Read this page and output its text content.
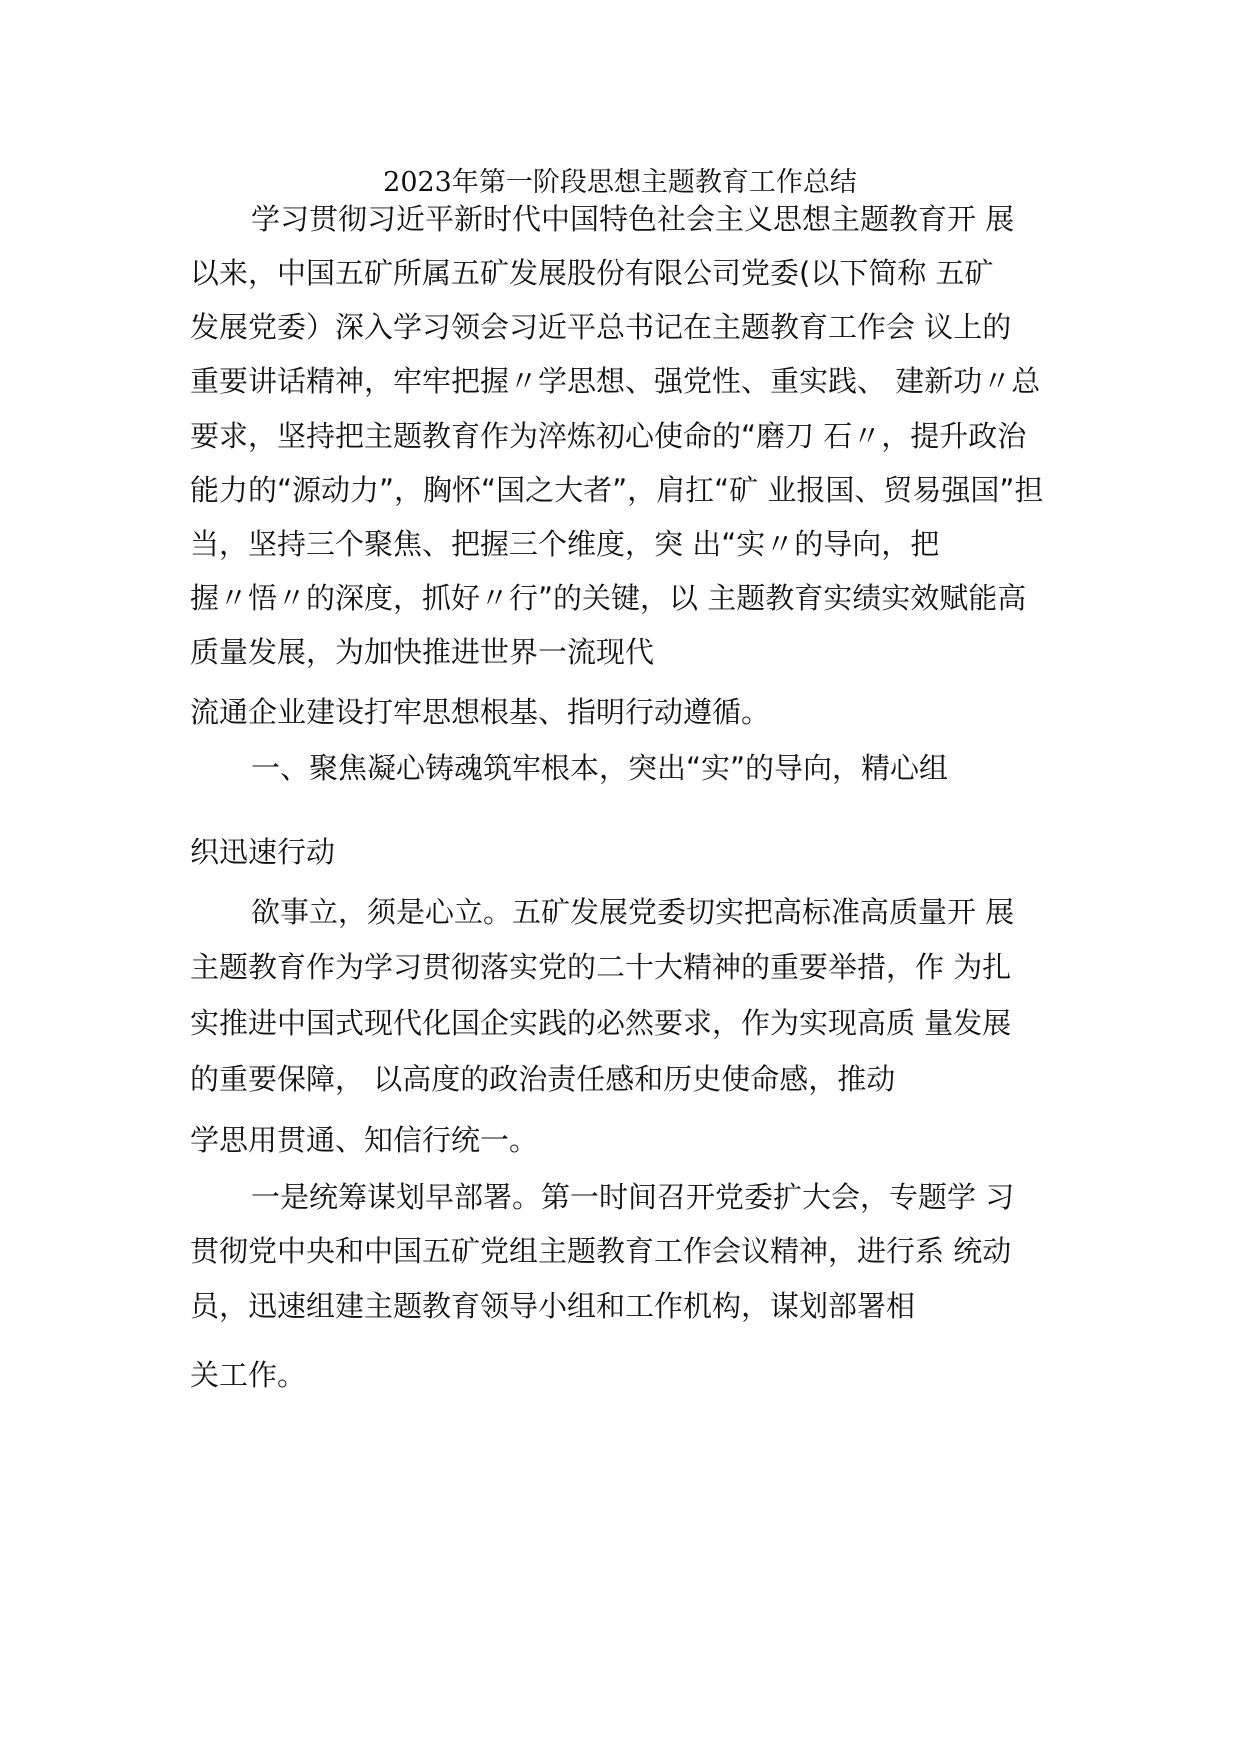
2023年第一阶段思想主题教育工作总结
学习贯彻习近平新时代中国特色社会主义思想主题教育开 展
以来，中国五矿所属五矿发展股份有限公司党委(以下简称 五矿
发展党委）深入学习领会习近平总书记在主题教育工作会 议上的
重要讲话精神，牢牢把握〃学思想、强党性、重实践、 建新功〃总
要求，坚持把主题教育作为淬炼初心使命的“磨刀 石〃，提升政治
能力的“源动力”，胸怀“国之大者”，肩扛“矿 业报国、贸易强国”担
当，坚持三个聚焦、把握三个维度，突 出“实〃的导向，把
握〃悟〃的深度，抓好〃行”的关键，以 主题教育实绩实效赋能高
质量发展，为加快推进世界一流现代
流通企业建设打牢思想根基、指明行动遵循。
一、聚焦凝心铸魂筑牢根本，突出“实”的导向，精心组
织迅速行动
欲事立，须是心立。五矿发展党委切实把高标准高质量开 展
主题教育作为学习贯彻落实党的二十大精神的重要举措，作 为扎
实推进中国式现代化国企实践的必然要求，作为实现高质 量发展
的重要保障， 以高度的政治责任感和历史使命感，推动
学思用贯通、知信行统一。
一是统筹谋划早部署。第一时间召开党委扩大会，专题学 习
贯彻党中央和中国五矿党组主题教育工作会议精神，进行系 统动
员，迅速组建主题教育领导小组和工作机构，谋划部署相
关工作。
